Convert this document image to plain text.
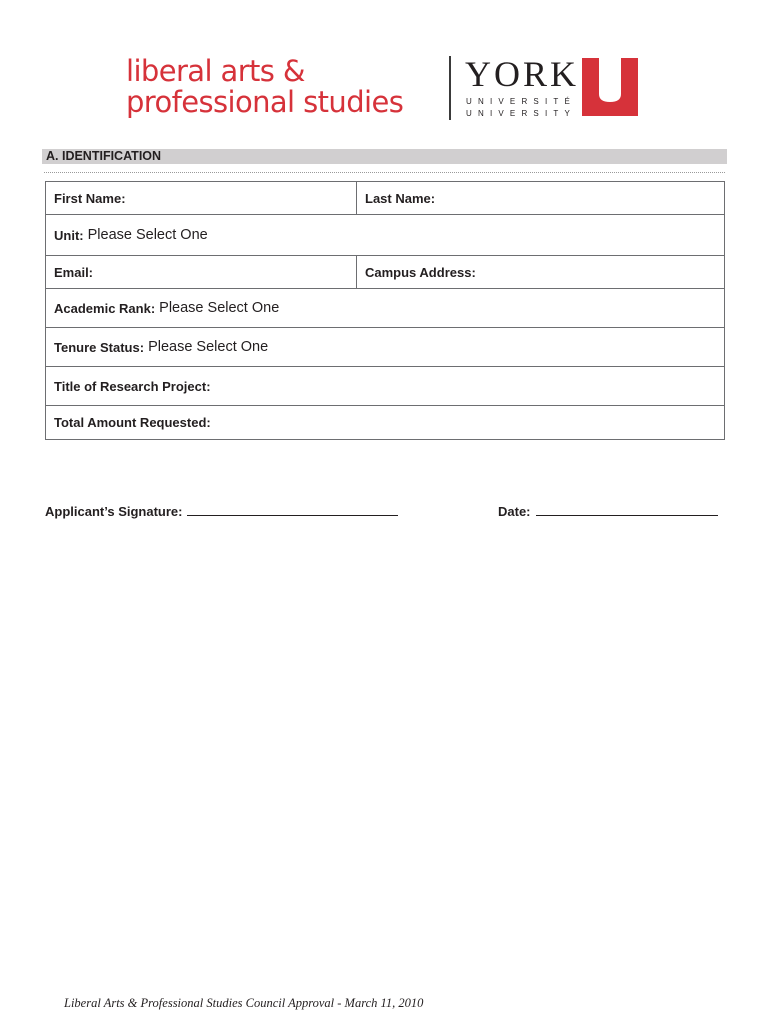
liberal arts &
professional studies
YORK
UNIVERSITÉ
UNIVERSITY
A. IDENTIFICATION
First Name:	Last Name:
Unit: Please Select One
Email:	Campus Address:
Academic Rank: Please Select One
Tenure Status: Please Select One
Title of Research Project:
Total Amount Requested:
Applicant’s Signature:	Date:
Liberal Arts & Professional Studies Council Approval - March 11, 2010
